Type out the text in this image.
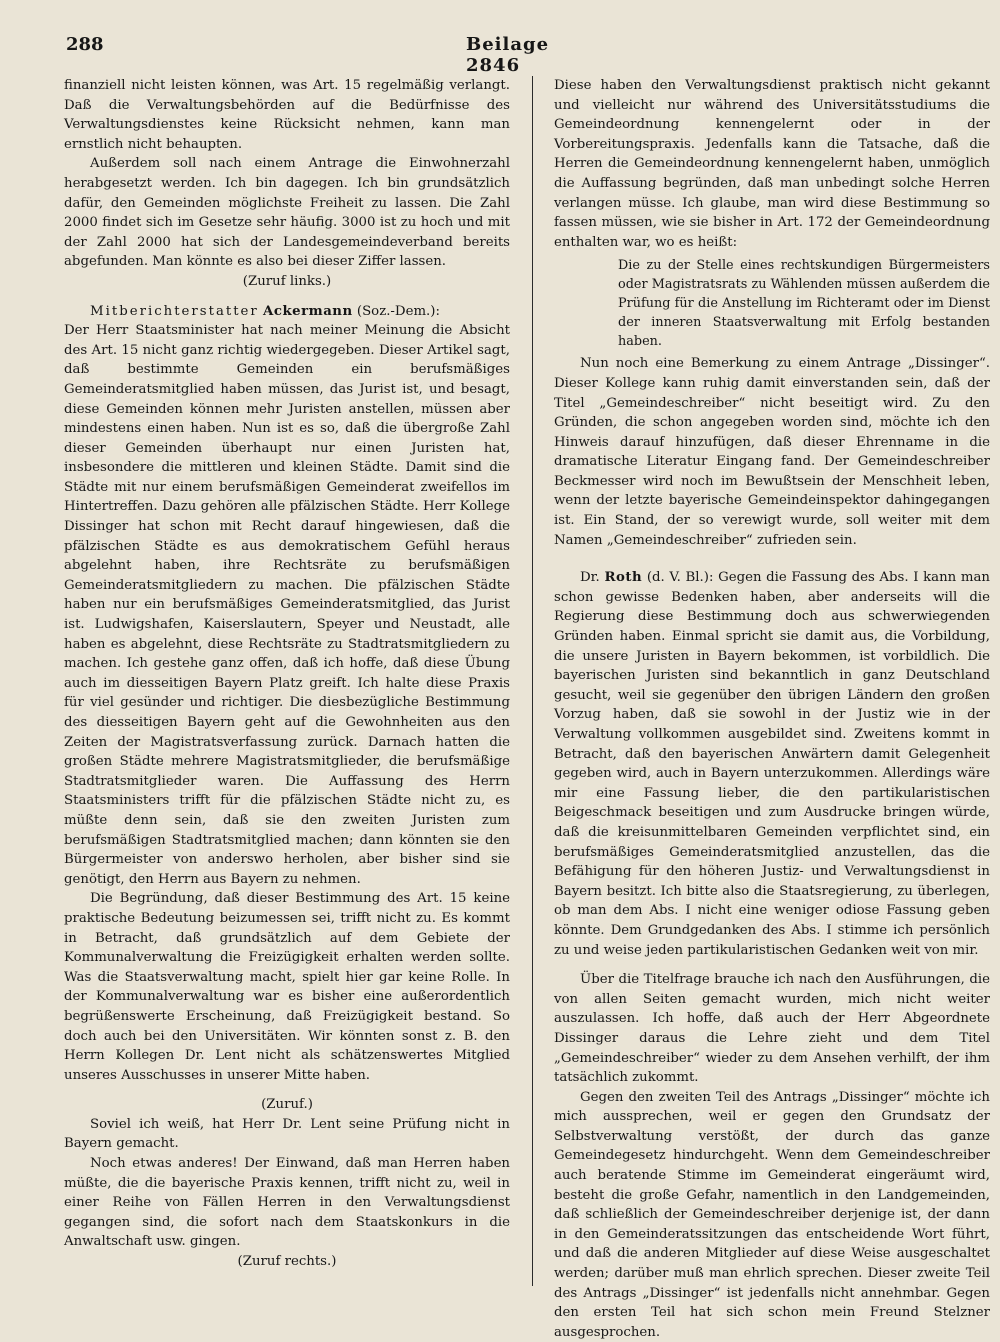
288	Beilage 2846

finanziell nicht leisten können, was Art. 15 regelmäßig verlangt. Daß die Verwaltungsbehörden auf die Bedürfnisse des Verwaltungsdienstes keine Rücksicht nehmen, kann man ernstlich nicht behaupten.

Außerdem soll nach einem Antrage die Einwohnerzahl herabgesetzt werden. Ich bin dagegen. Ich bin grundsätzlich dafür, den Gemeinden möglichste Freiheit zu lassen. Die Zahl 2000 findet sich im Gesetze sehr häufig. 3000 ist zu hoch und mit der Zahl 2000 hat sich der Landesgemeindeverband bereits abgefunden. Man könnte es also bei dieser Ziffer lassen.

(Zuruf links.)

Mitberichterstatter Ackermann (Soz.-Dem.):

Der Herr Staatsminister hat nach meiner Meinung die Absicht des Art. 15 nicht ganz richtig wiedergegeben. Dieser Artikel sagt, daß bestimmte Gemeinden ein berufsmäßiges Gemeinderatsmitglied haben müssen, das Jurist ist, und besagt, diese Gemeinden können mehr Juristen anstellen, müssen aber mindestens einen haben. Nun ist es so, daß die übergroße Zahl dieser Gemeinden überhaupt nur einen Juristen hat, insbesondere die mittleren und kleinen Städte. Damit sind die Städte mit nur einem berufsmäßigen Gemeinderat zweifellos im Hintertreffen. Dazu gehören alle pfälzischen Städte. Herr Kollege Dissinger hat schon mit Recht darauf hingewiesen, daß die pfälzischen Städte es aus demokratischem Gefühl heraus abgelehnt haben, ihre Rechtsräte zu berufsmäßigen Gemeinderatsmitgliedern zu machen. Die pfälzischen Städte haben nur ein berufsmäßiges Gemeinderatsmitglied, das Jurist ist. Ludwigshafen, Kaiserslautern, Speyer und Neustadt, alle haben es abgelehnt, diese Rechtsräte zu Stadtratsmitgliedern zu machen. Ich gestehe ganz offen, daß ich hoffe, daß diese Übung auch im diesseitigen Bayern Platz greift. Ich halte diese Praxis für viel gesünder und richtiger. Die diesbezügliche Bestimmung des diesseitigen Bayern geht auf die Gewohnheiten aus den Zeiten der Magistratsverfassung zurück. Darnach hatten die großen Städte mehrere Magistratsmitglieder, die berufsmäßige Stadtratsmitglieder waren. Die Auffassung des Herrn Staatsministers trifft für die pfälzischen Städte nicht zu, es müßte denn sein, daß sie den zweiten Juristen zum berufsmäßigen Stadtratsmitglied machen; dann könnten sie den Bürgermeister von anderswo herholen, aber bisher sind sie genötigt, den Herrn aus Bayern zu nehmen.

Die Begründung, daß dieser Bestimmung des Art. 15 keine praktische Bedeutung beizumessen sei, trifft nicht zu. Es kommt in Betracht, daß grundsätzlich auf dem Gebiete der Kommunalverwaltung die Freizügigkeit erhalten werden sollte. Was die Staatsverwaltung macht, spielt hier gar keine Rolle. In der Kommunalverwaltung war es bisher eine außerordentlich begrüßenswerte Erscheinung, daß Freizügigkeit bestand. So doch auch bei den Universitäten. Wir könnten sonst z. B. den Herrn Kollegen Dr. Lent nicht als schätzenswertes Mitglied unseres Ausschusses in unserer Mitte haben.

(Zuruf.)

Soviel ich weiß, hat Herr Dr. Lent seine Prüfung nicht in Bayern gemacht.

Noch etwas anderes! Der Einwand, daß man Herren haben müßte, die die bayerische Praxis kennen, trifft nicht zu, weil in einer Reihe von Fällen Herren in den Verwaltungsdienst gegangen sind, die sofort nach dem Staatskonkurs in die Anwaltschaft usw. gingen.

(Zuruf rechts.)

Diese haben den Verwaltungsdienst praktisch nicht gekannt und vielleicht nur während des Universitätsstudiums die Gemeindeordnung kennengelernt oder in der Vorbereitungspraxis. Jedenfalls kann die Tatsache, daß die Herren die Gemeindeordnung kennengelernt haben, unmöglich die Auffassung begründen, daß man unbedingt solche Herren verlangen müsse. Ich glaube, man wird diese Bestimmung so fassen müssen, wie sie bisher in Art. 172 der Gemeindeordnung enthalten war, wo es heißt:

Die zu der Stelle eines rechtskundigen Bürgermeisters oder Magistratsrats zu Wählenden müssen außerdem die Prüfung für die Anstellung im Richteramt oder im Dienst der inneren Staatsverwaltung mit Erfolg bestanden haben.

Nun noch eine Bemerkung zu einem Antrage „Dissinger“. Dieser Kollege kann ruhig damit einverstanden sein, daß der Titel „Gemeindeschreiber“ nicht beseitigt wird. Zu den Gründen, die schon angegeben worden sind, möchte ich den Hinweis darauf hinzufügen, daß dieser Ehrenname in die dramatische Literatur Eingang fand. Der Gemeindeschreiber Beckmesser wird noch im Bewußtsein der Menschheit leben, wenn der letzte bayerische Gemeindeinspektor dahingegangen ist. Ein Stand, der so verewigt wurde, soll weiter mit dem Namen „Gemeindeschreiber“ zufrieden sein.

Dr. Roth (d. V. Bl.): Gegen die Fassung des Abs. I kann man schon gewisse Bedenken haben, aber anderseits will die Regierung diese Bestimmung doch aus schwerwiegenden Gründen haben. Einmal spricht sie damit aus, die Vorbildung, die unsere Juristen in Bayern bekommen, ist vorbildlich. Die bayerischen Juristen sind bekanntlich in ganz Deutschland gesucht, weil sie gegenüber den übrigen Ländern den großen Vorzug haben, daß sie sowohl in der Justiz wie in der Verwaltung vollkommen ausgebildet sind. Zweitens kommt in Betracht, daß den bayerischen Anwärtern damit Gelegenheit gegeben wird, auch in Bayern unterzukommen. Allerdings wäre mir eine Fassung lieber, die den partikularistischen Beigeschmack beseitigen und zum Ausdrucke bringen würde, daß die kreisunmittelbaren Gemeinden verpflichtet sind, ein berufsmäßiges Gemeinderatsmitglied anzustellen, das die Befähigung für den höheren Justiz- und Verwaltungsdienst in Bayern besitzt. Ich bitte also die Staatsregierung, zu überlegen, ob man dem Abs. I nicht eine weniger odiose Fassung geben könnte. Dem Grundgedanken des Abs. I stimme ich persönlich zu und weise jeden partikularistischen Gedanken weit von mir.

Über die Titelfrage brauche ich nach den Ausführungen, die von allen Seiten gemacht wurden, mich nicht weiter auszulassen. Ich hoffe, daß auch der Herr Abgeordnete Dissinger daraus die Lehre zieht und dem Titel „Gemeindeschreiber“ wieder zu dem Ansehen verhilft, der ihm tatsächlich zukommt.

Gegen den zweiten Teil des Antrags „Dissinger“ möchte ich mich aussprechen, weil er gegen den Grundsatz der Selbstverwaltung verstößt, der durch das ganze Gemeindegesetz hindurchgeht. Wenn dem Gemeindeschreiber auch beratende Stimme im Gemeinderat eingeräumt wird, besteht die große Gefahr, namentlich in den Landgemeinden, daß schließlich der Gemeindeschreiber derjenige ist, der dann in den Gemeinderatssitzungen das entscheidende Wort führt, und daß die anderen Mitglieder auf diese Weise ausgeschaltet werden; darüber muß man ehrlich sprechen. Dieser zweite Teil des Antrags „Dissinger“ ist jedenfalls nicht annehmbar. Gegen den ersten Teil hat sich schon mein Freund Stelzner ausgesprochen.
